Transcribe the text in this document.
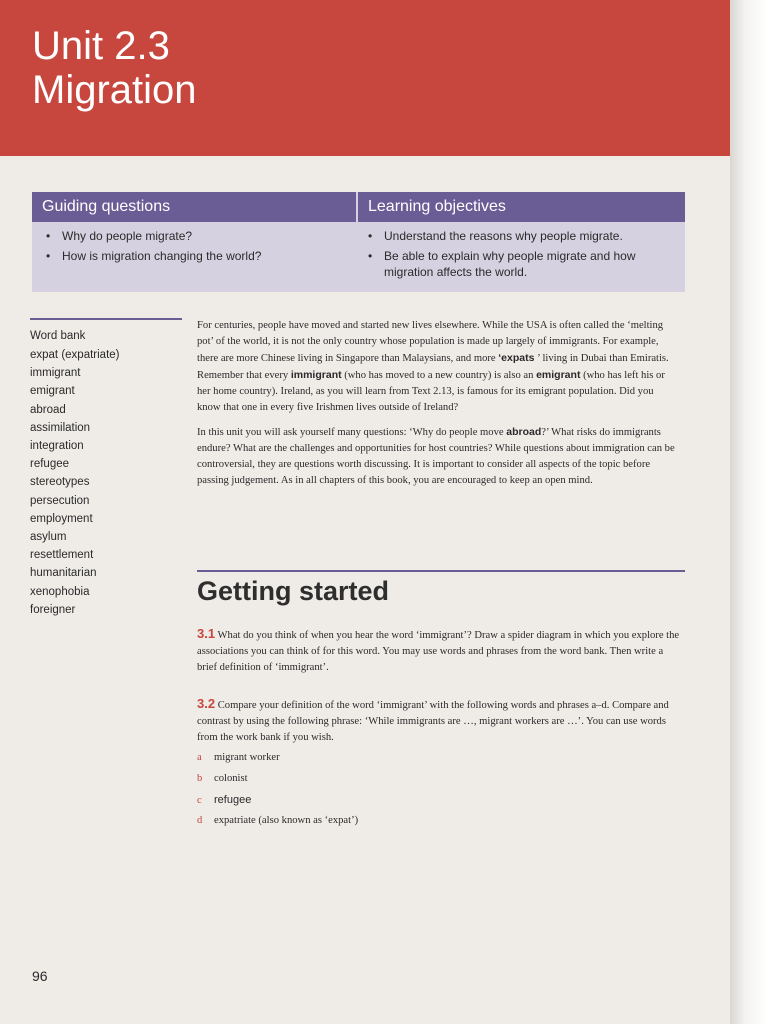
Unit 2.3
Migration
Guiding questions	Learning objectives
• Why do people migrate?
• How is migration changing the world?
• Understand the reasons why people migrate.
• Be able to explain why people migrate and how migration affects the world.
Word bank
expat (expatriate)
immigrant
emigrant
abroad
assimilation
integration
refugee
stereotypes
persecution
employment
asylum
resettlement
humanitarian
xenophobia
foreigner

For centuries, people have moved and started new lives elsewhere. While the USA is often called the ‘melting pot’ of the world, it is not the only country whose population is made up largely of immigrants. For example, there are more Chinese living in Singapore than Malaysians, and more ‘expats ’ living in Dubai than Emiratis. Remember that every immigrant (who has moved to a new country) is also an emigrant (who has left his or her home country). Ireland, as you will learn from Text 2.13, is famous for its emigrant population. Did you know that one in every five Irishmen lives outside of Ireland?

In this unit you will ask yourself many questions: ‘Why do people move abroad?’ What risks do immigrants endure? What are the challenges and opportunities for host countries? While questions about immigration can be controversial, they are questions worth discussing. It is important to consider all aspects of the topic before passing judgement. As in all chapters of this book, you are encouraged to keep an open mind.

Getting started
3.1 What do you think of when you hear the word ‘immigrant’? Draw a spider diagram in which you explore the associations you can think of for this word. You may use words and phrases from the word bank. Then write a brief definition of ‘immigrant’.
3.2 Compare your definition of the word ‘immigrant’ with the following words and phrases a–d. Compare and contrast by using the following phrase: ‘While immigrants are …, migrant workers are …’. You can use words from the work bank if you wish.
a migrant worker
b colonist
c refugee
d expatriate (also known as ‘expat’)
96
